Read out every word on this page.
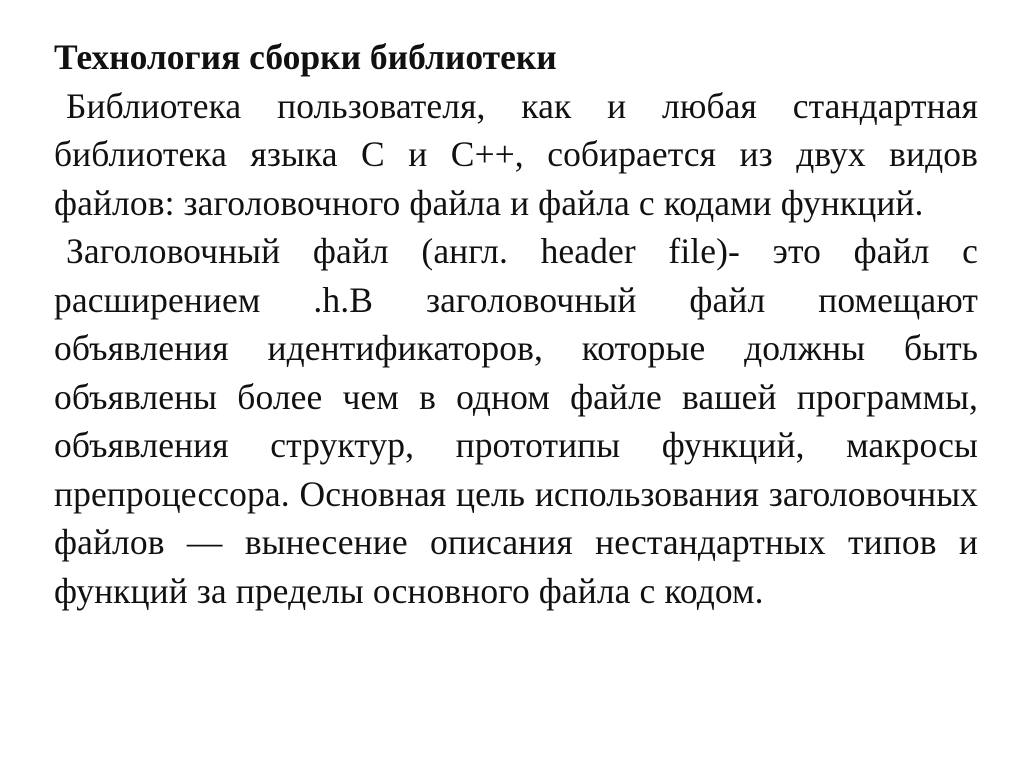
Технология сборки библиотеки

Библиотека пользователя, как и любая стандартная библиотека языка С и С++, собирается из двух видов файлов: заголовочного файла и файла с кодами функций.

Заголовочный файл (англ. header file)- это файл с расширением .h.В заголовочный файл помещают объявления идентификаторов, которые должны быть объявлены более чем в одном файле вашей программы, объявления структур, прототипы функций, макросы препроцессора. Основная цель использования заголовочных файлов — вынесение описания нестандартных типов и функций за пределы основного файла с кодом.
